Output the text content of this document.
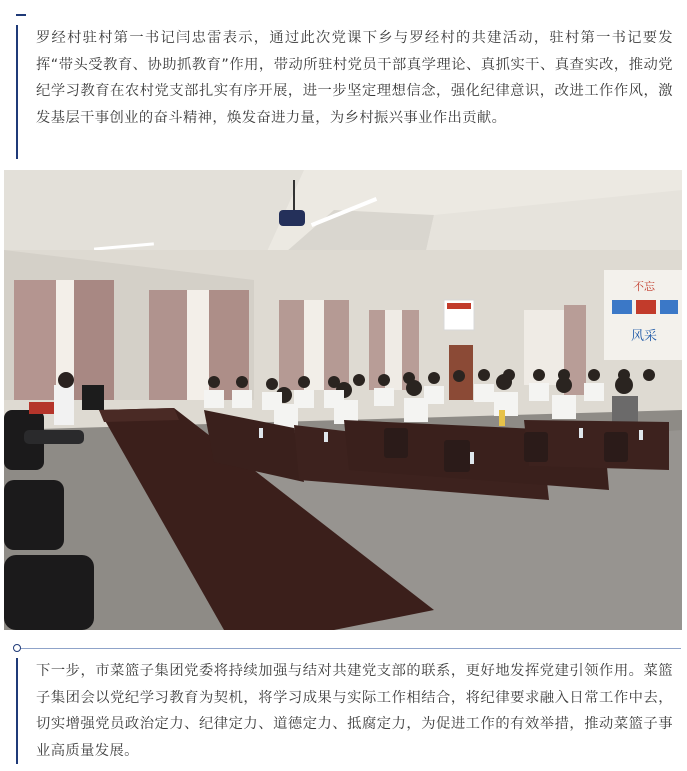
罗经村驻村第一书记闫忠雷表示，通过此次党课下乡与罗经村的共建活动，驻村第一书记要发挥“带头受教育、协助抓教育”作用，带动所驻村党员干部真学理论、真抓实干、真查实改，推动党纪学习教育在农村党支部扎实有序开展，进一步坚定理想信念，强化纪律意识，改进工作作风，激发基层干事创业的奋斗精神，焕发奋进力量，为乡村振兴事业作出贡献。
不忘
风采
下一步，市菜篮子集团党委将持续加强与结对共建党支部的联系，更好地发挥党建引领作用。菜篮子集团会以党纪学习教育为契机，将学习成果与实际工作相结合，将纪律要求融入日常工作中去，切实增强党员政治定力、纪律定力、道德定力、抵腐定力，为促进工作的有效举措，推动菜篮子事业高质量发展。
